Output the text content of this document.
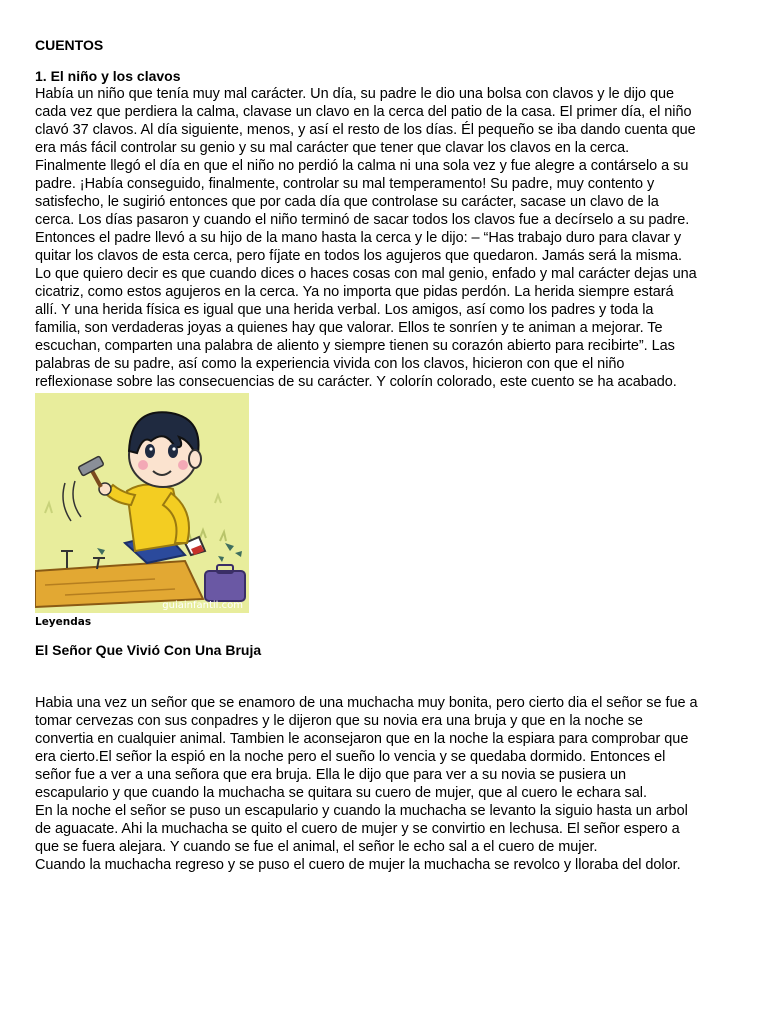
CUENTOS
1. El niño y los clavos

Había un niño que tenía muy mal carácter. Un día, su padre le dio una bolsa con clavos y le dijo que
cada vez que perdiera la calma, clavase un clavo en la cerca del patio de la casa. El primer día, el niño
clavó 37 clavos. Al día siguiente, menos, y así el resto de los días. Él pequeño se iba dando cuenta que
era más fácil controlar su genio y su mal carácter que tener que clavar los clavos en la cerca.
Finalmente llegó el día en que el niño no perdió la calma ni una sola vez y fue alegre a contárselo a su
padre. ¡Había conseguido, finalmente, controlar su mal temperamento! Su padre, muy contento y
satisfecho, le sugirió entonces que por cada día que controlase su carácter, sacase un clavo de la
cerca. Los días pasaron y cuando el niño terminó de sacar todos los clavos fue a decírselo a su padre.
Entonces el padre llevó a su hijo de la mano hasta la cerca y le dijo: – “Has trabajo duro para clavar y
quitar los clavos de esta cerca, pero fíjate en todos los agujeros que quedaron. Jamás será la misma.
Lo que quiero decir es que cuando dices o haces cosas con mal genio, enfado y mal carácter dejas una
cicatriz, como estos agujeros en la cerca. Ya no importa que pidas perdón. La herida siempre estará
allí. Y una herida física es igual que una herida verbal. Los amigos, así como los padres y toda la
familia, son verdaderas joyas a quienes hay que valorar. Ellos te sonríen y te animan a mejorar. Te
escuchan, comparten una palabra de aliento y siempre tienen su corazón abierto para recibirte”. Las
palabras de su padre, así como la experiencia vivida con los clavos, hicieron con que el niño
reflexionase sobre las consecuencias de su carácter. Y colorín colorado, este cuento se ha acabado.

guiainfantil.com
Leyendas
El Señor Que Vivió Con Una Bruja

Habia una vez un señor que se enamoro de una muchacha muy bonita, pero cierto dia el señor se fue a
tomar cervezas con sus conpadres y le dijeron que su novia era una bruja y que en la noche se
convertia en cualquier animal. Tambien le aconsejaron que en la noche la espiara para comprobar que
era cierto.El señor la espió en la noche pero el sueño lo vencia y se quedaba dormido. Entonces el
señor fue a ver a una señora que era bruja. Ella le dijo que para ver a su novia se pusiera un
escapulario y que cuando la muchacha se quitara su cuero de mujer, que al cuero le echara sal.
En la noche el señor se puso un escapulario y cuando la muchacha se levanto la siguio hasta un arbol
de aguacate. Ahi la muchacha se quito el cuero de mujer y se convirtio en lechusa. El señor espero a
que se fuera alejara. Y cuando se fue el animal, el señor le echo sal a el cuero de mujer.
Cuando la muchacha regreso y se puso el cuero de mujer la muchacha se revolco y lloraba del dolor.
